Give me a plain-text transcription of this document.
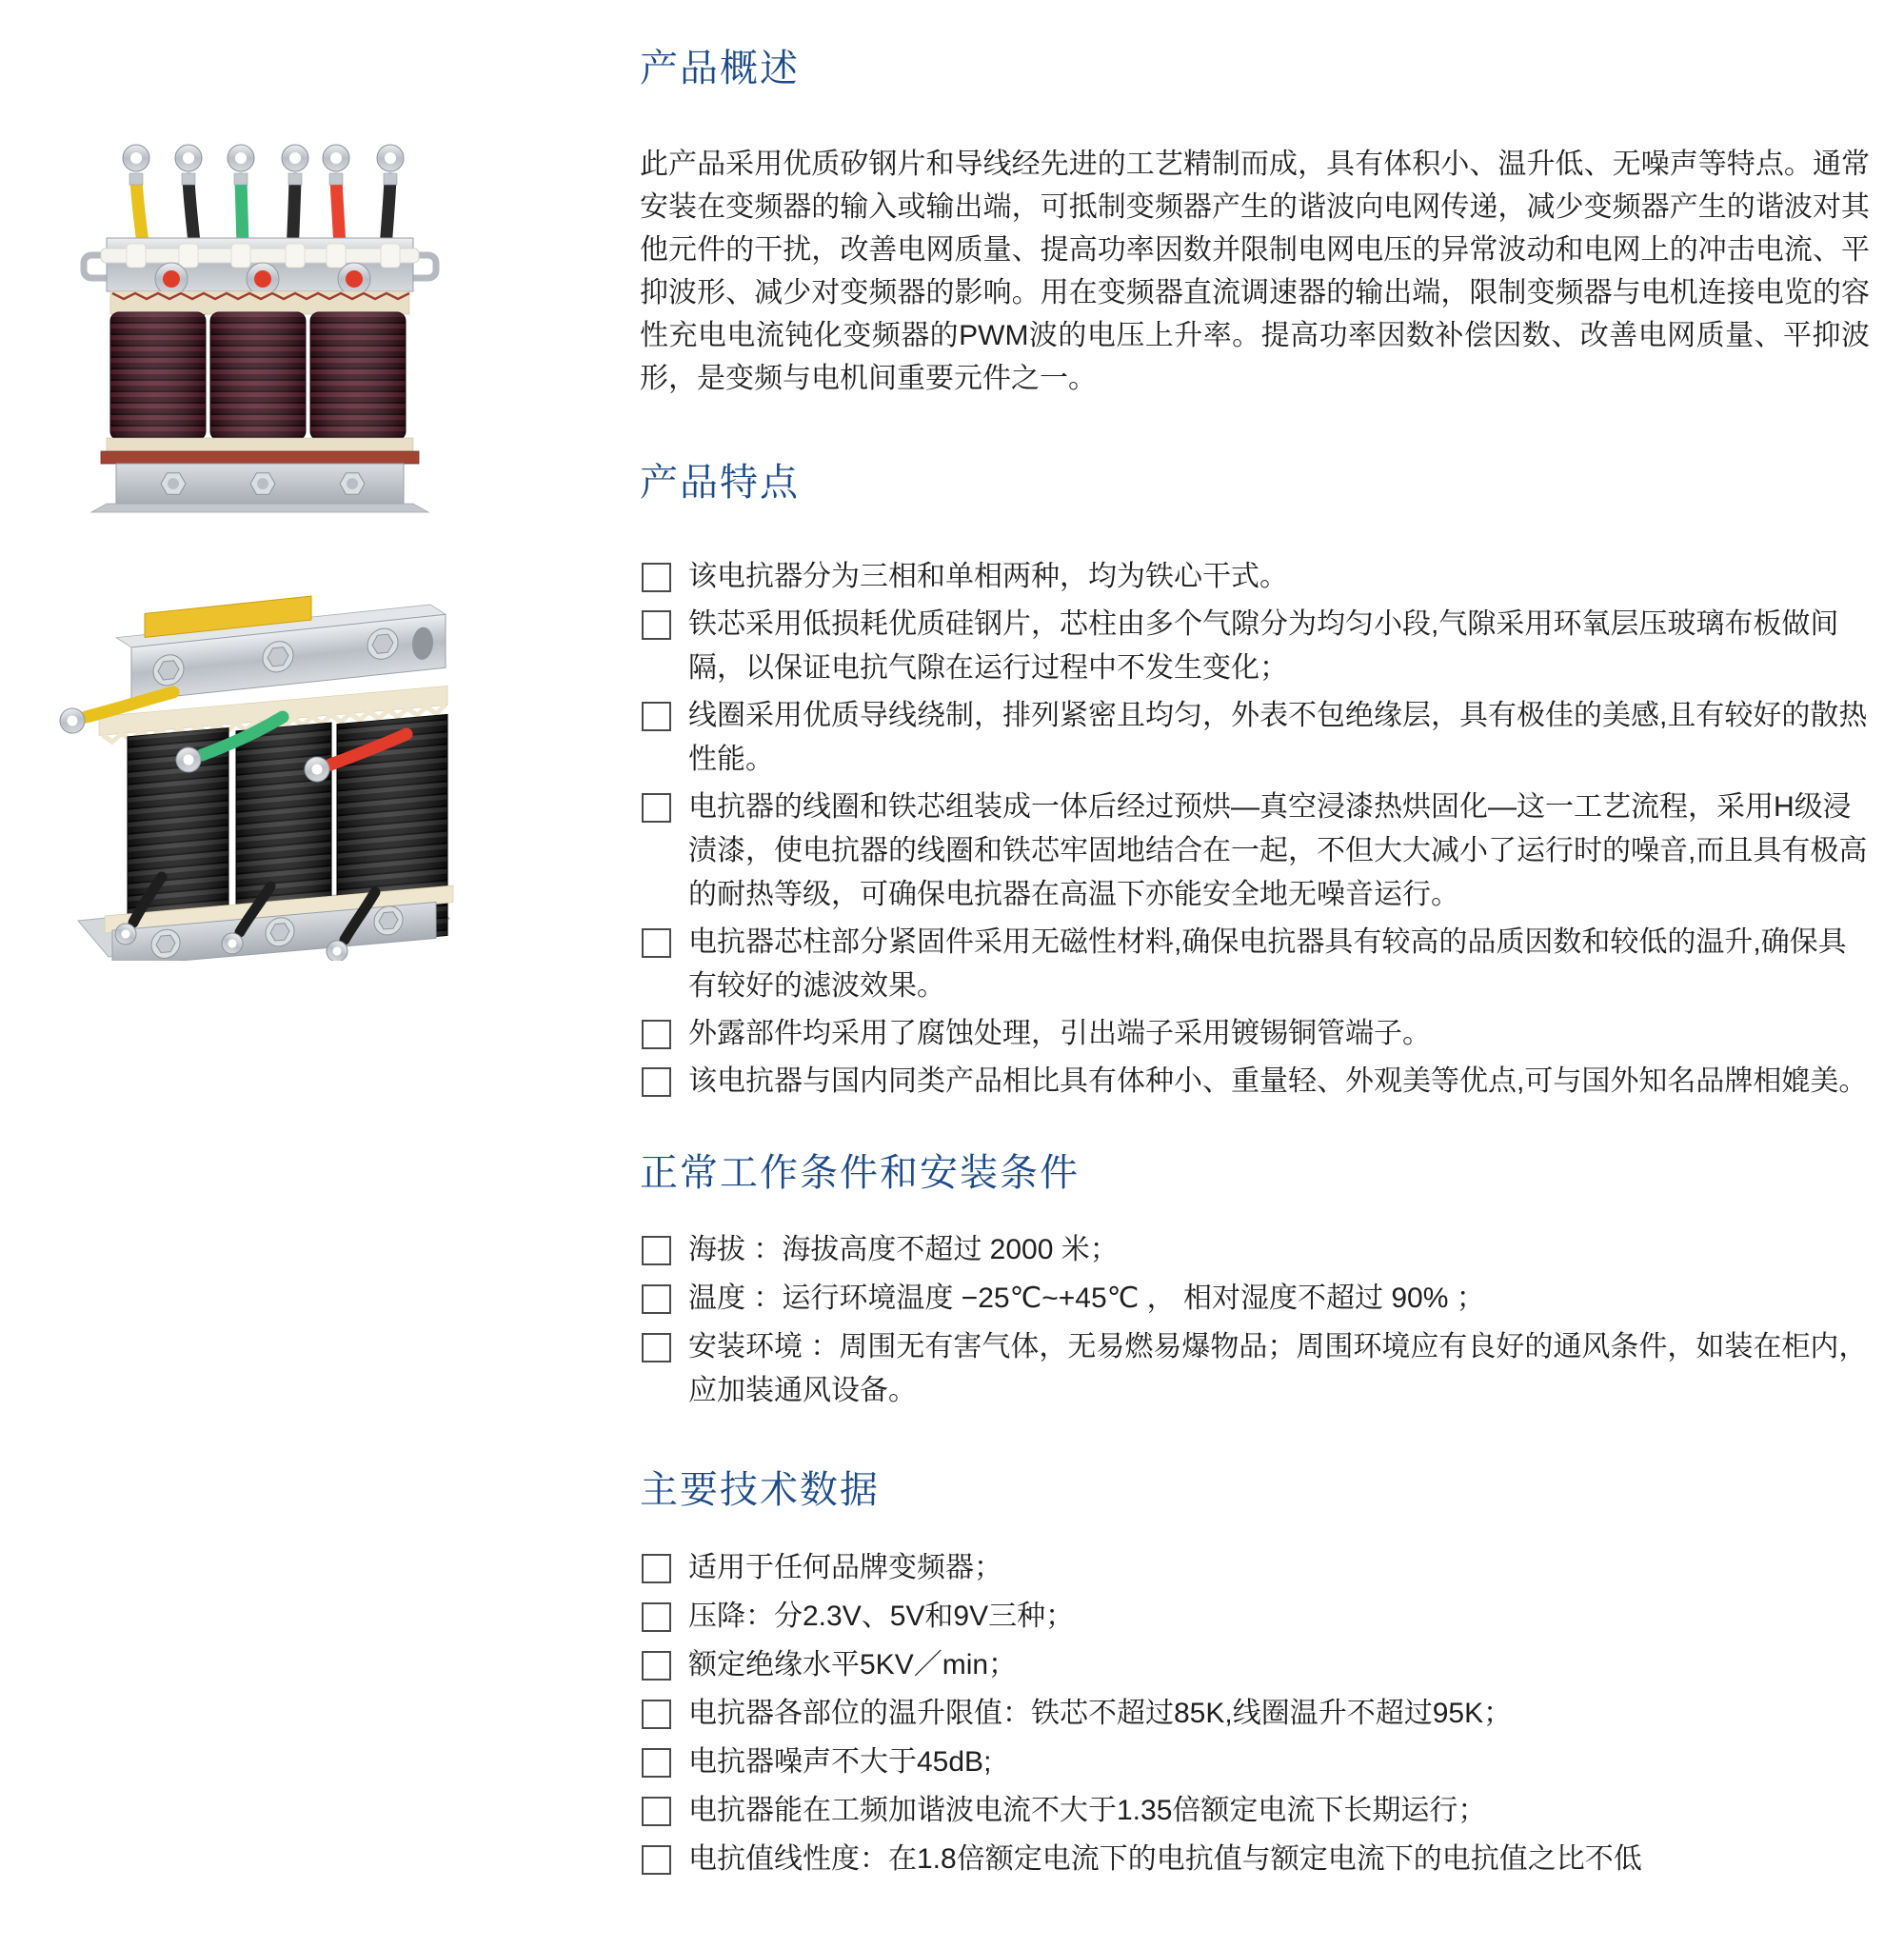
产品概述

此产品采用优质矽钢片和导线经先进的工艺精制而成，具有体积小、温升低、无噪声等特点。通常安装在变频器的输入或输出端，可抵制变频器产生的谐波向电网传递，减少变频器产生的谐波对其他元件的干扰，改善电网质量、提高功率因数并限制电网电压的异常波动和电网上的冲击电流、平抑波形、减少对变频器的影响。用在变频器直流调速器的输出端，限制变频器与电机连接电览的容性充电电流钝化变频器的PWM波的电压上升率。提高功率因数补偿因数、改善电网质量、平抑波形，是变频与电机间重要元件之一。

产品特点
该电抗器分为三相和单相两种，均为铁心干式。
铁芯采用低损耗优质硅钢片，芯柱由多个气隙分为均匀小段,气隙采用环氧层压玻璃布板做间隔，以保证电抗气隙在运行过程中不发生变化；
线圈采用优质导线绕制，排列紧密且均匀，外表不包绝缘层，具有极佳的美感,且有较好的散热性能。
电抗器的线圈和铁芯组装成一体后经过预烘—真空浸漆热烘固化—这一工艺流程，采用H级浸渍漆，使电抗器的线圈和铁芯牢固地结合在一起，不但大大减小了运行时的噪音,而且具有极高的耐热等级，可确保电抗器在高温下亦能安全地无噪音运行。
电抗器芯柱部分紧固件采用无磁性材料,确保电抗器具有较高的品质因数和较低的温升,确保具有较好的滤波效果。
外露部件均采用了腐蚀处理，引出端子采用镀锡铜管端子。
该电抗器与国内同类产品相比具有体种小、重量轻、外观美等优点,可与国外知名品牌相媲美。
正常工作条件和安装条件
海拔 ：海拔高度不超过 2000 米；
温度 ：运行环境温度 −25℃~+45℃ ， 相对湿度不超过 90% ；
安装环境 ：周围无有害气体，无易燃易爆物品；周围环境应有良好的通风条件，如装在柜内，应加装通风设备。
主要技术数据
适用于任何品牌变频器；
压降：分2.3V、5V和9V三种；
额定绝缘水平5KV／min；
电抗器各部位的温升限值：铁芯不超过85K,线圈温升不超过95K；
电抗器噪声不大于45dB;
电抗器能在工频加谐波电流不大于1.35倍额定电流下长期运行；
电抗值线性度：在1.8倍额定电流下的电抗值与额定电流下的电抗值之比不低
